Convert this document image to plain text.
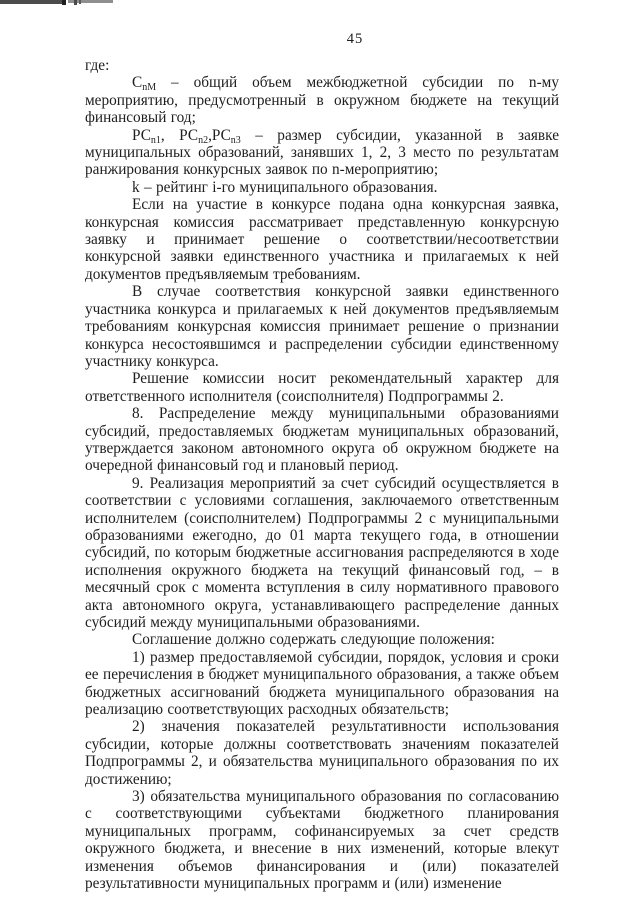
45

где:

$С_{nM}$ – общий объем межбюджетной субсидии по n-му мероприятию, предусмотренный в окружном бюджете на текущий финансовый год;

$РС_{n1}$, $РС_{n2},РС_{n3}$ – размер субсидии, указанной в заявке муниципальных образований, занявших 1, 2, 3 место по результатам ранжирования конкурсных заявок по n-мероприятию;

k – рейтинг i-го муниципального образования.

Если на участие в конкурсе подана одна конкурсная заявка, конкурсная комиссия рассматривает представленную конкурсную заявку и принимает решение о соответствии/несоответствии конкурсной заявки единственного участника и прилагаемых к ней документов предъявляемым требованиям.

В случае соответствия конкурсной заявки единственного участника конкурса и прилагаемых к ней документов предъявляемым требованиям конкурсная комиссия принимает решение о признании конкурса несостоявшимся и распределении субсидии единственному участнику конкурса.

Решение комиссии носит рекомендательный характер для ответственного исполнителя (соисполнителя) Подпрограммы 2.

8. Распределение между муниципальными образованиями субсидий, предоставляемых бюджетам муниципальных образований, утверждается законом автономного округа об окружном бюджете на очередной финансовый год и плановый период.

9. Реализация мероприятий за счет субсидий осуществляется в соответствии с условиями соглашения, заключаемого ответственным исполнителем (соисполнителем) Подпрограммы 2 с муниципальными образованиями ежегодно, до 01 марта текущего года, в отношении субсидий, по которым бюджетные ассигнования распределяются в ходе исполнения окружного бюджета на текущий финансовый год, – в месячный срок с момента вступления в силу нормативного правового акта автономного округа, устанавливающего распределение данных субсидий между муниципальными образованиями.

Соглашение должно содержать следующие положения:

1) размер предоставляемой субсидии, порядок, условия и сроки ее перечисления в бюджет муниципального образования, а также объем бюджетных ассигнований бюджета муниципального образования на реализацию соответствующих расходных обязательств;

2) значения показателей результативности использования субсидии, которые должны соответствовать значениям показателей Подпрограммы 2, и обязательства муниципального образования по их достижению;

3) обязательства муниципального образования по согласованию с соответствующими субъектами бюджетного планирования муниципальных программ, софинансируемых за счет средств окружного бюджета, и внесение в них изменений, которые влекут изменения объемов финансирования и (или) показателей результативности муниципальных программ и (или) изменение
